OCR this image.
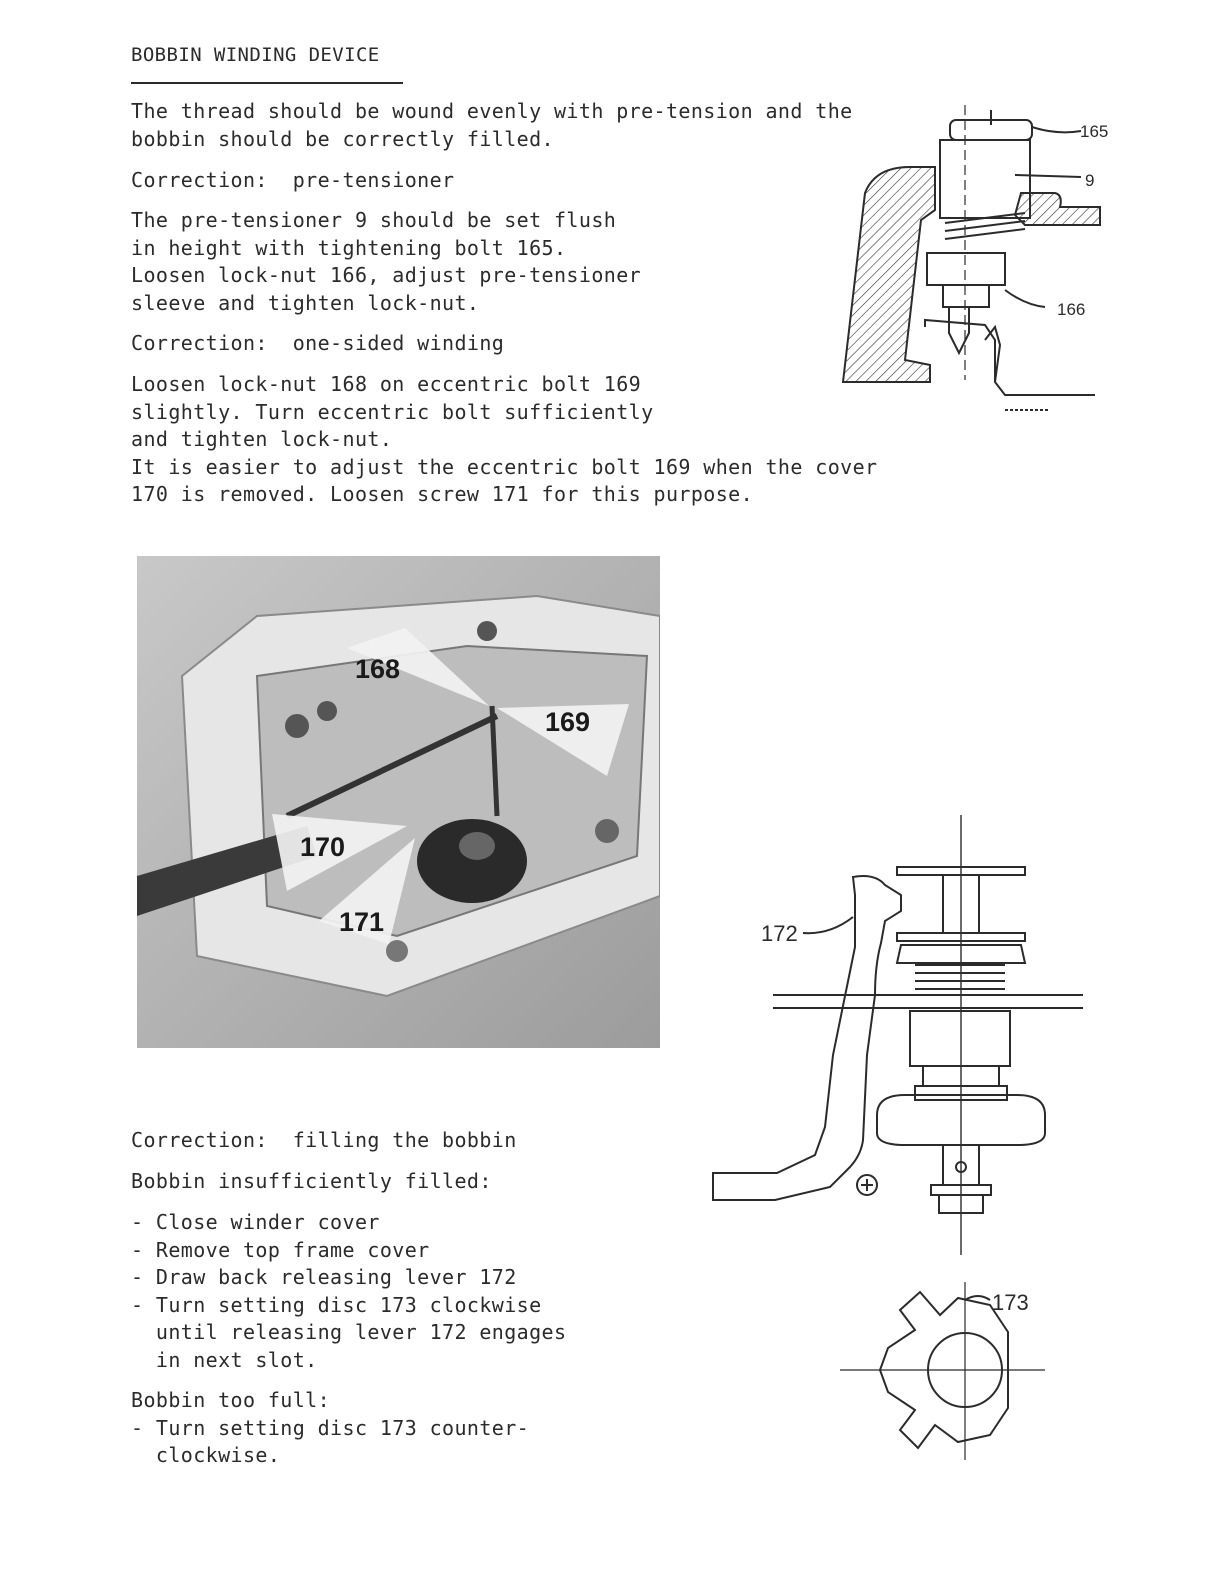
BOBBIN WINDING DEVICE
The thread should be wound evenly with pre-tension and the
bobbin should be correctly filled.
Correction:  pre-tensioner
The pre-tensioner 9 should be set flush
in height with tightening bolt 165.
Loosen lock-nut 166, adjust pre-tensioner
sleeve and tighten lock-nut.
Correction:  one-sided winding
Loosen lock-nut 168 on eccentric bolt 169
slightly. Turn eccentric bolt sufficiently
and tighten lock-nut.
It is easier to adjust the eccentric bolt 169 when the cover
170 is removed. Loosen screw 171 for this purpose.
165
9
166
168
169
170
171
Correction:  filling the bobbin
Bobbin insufficiently filled:
- Close winder cover
- Remove top frame cover
- Draw back releasing lever 172
- Turn setting disc 173 clockwise
until releasing lever 172 engages
in next slot.
Bobbin too full:
- Turn setting disc 173 counter-
clockwise.
172
173
